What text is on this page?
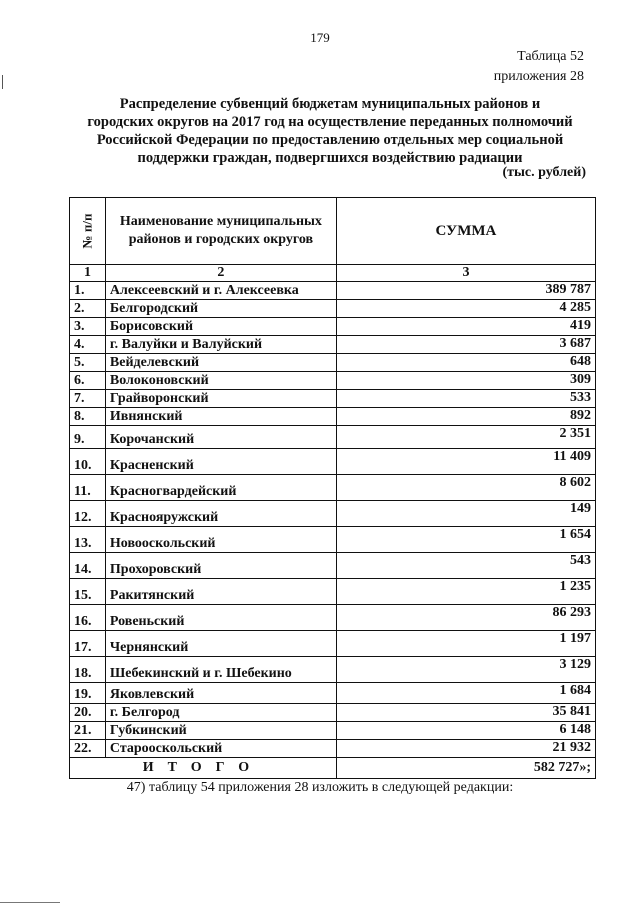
179
Таблица 52
приложения 28
Распределение субвенций бюджетам муниципальных районов и
городских округов на 2017 год на осуществление переданных полномочий
Российской Федерации по предоставлению отдельных мер социальной
поддержки граждан, подвергшихся воздействию радиации
(тыс. рублей)
№ п/п	Наименование муниципальных районов и городских округов	СУММА
1	2	3
1.	Алексеевский и г. Алексеевка	389 787
2.	Белгородский	4 285
3.	Борисовский	419
4.	г. Валуйки и Валуйский	3 687
5.	Вейделевский	648
6.	Волоконовский	309
7.	Грайворонский	533
8.	Ивнянский	892
9.	Корочанский	2 351
10.	Красненский	11 409
11.	Красногвардейский	8 602
12.	Краснояружский	149
13.	Новооскольский	1 654
14.	Прохоровский	543
15.	Ракитянский	1 235
16.	Ровеньский	86 293
17.	Чернянский	1 197
18.	Шебекинский и г. Шебекино	3 129
19.	Яковлевский	1 684
20.	г. Белгород	35 841
21.	Губкинский	6 148
22.	Старооскольский	21 932
ИТОГО		582 727»;
47) таблицу 54 приложения 28 изложить в следующей редакции:
